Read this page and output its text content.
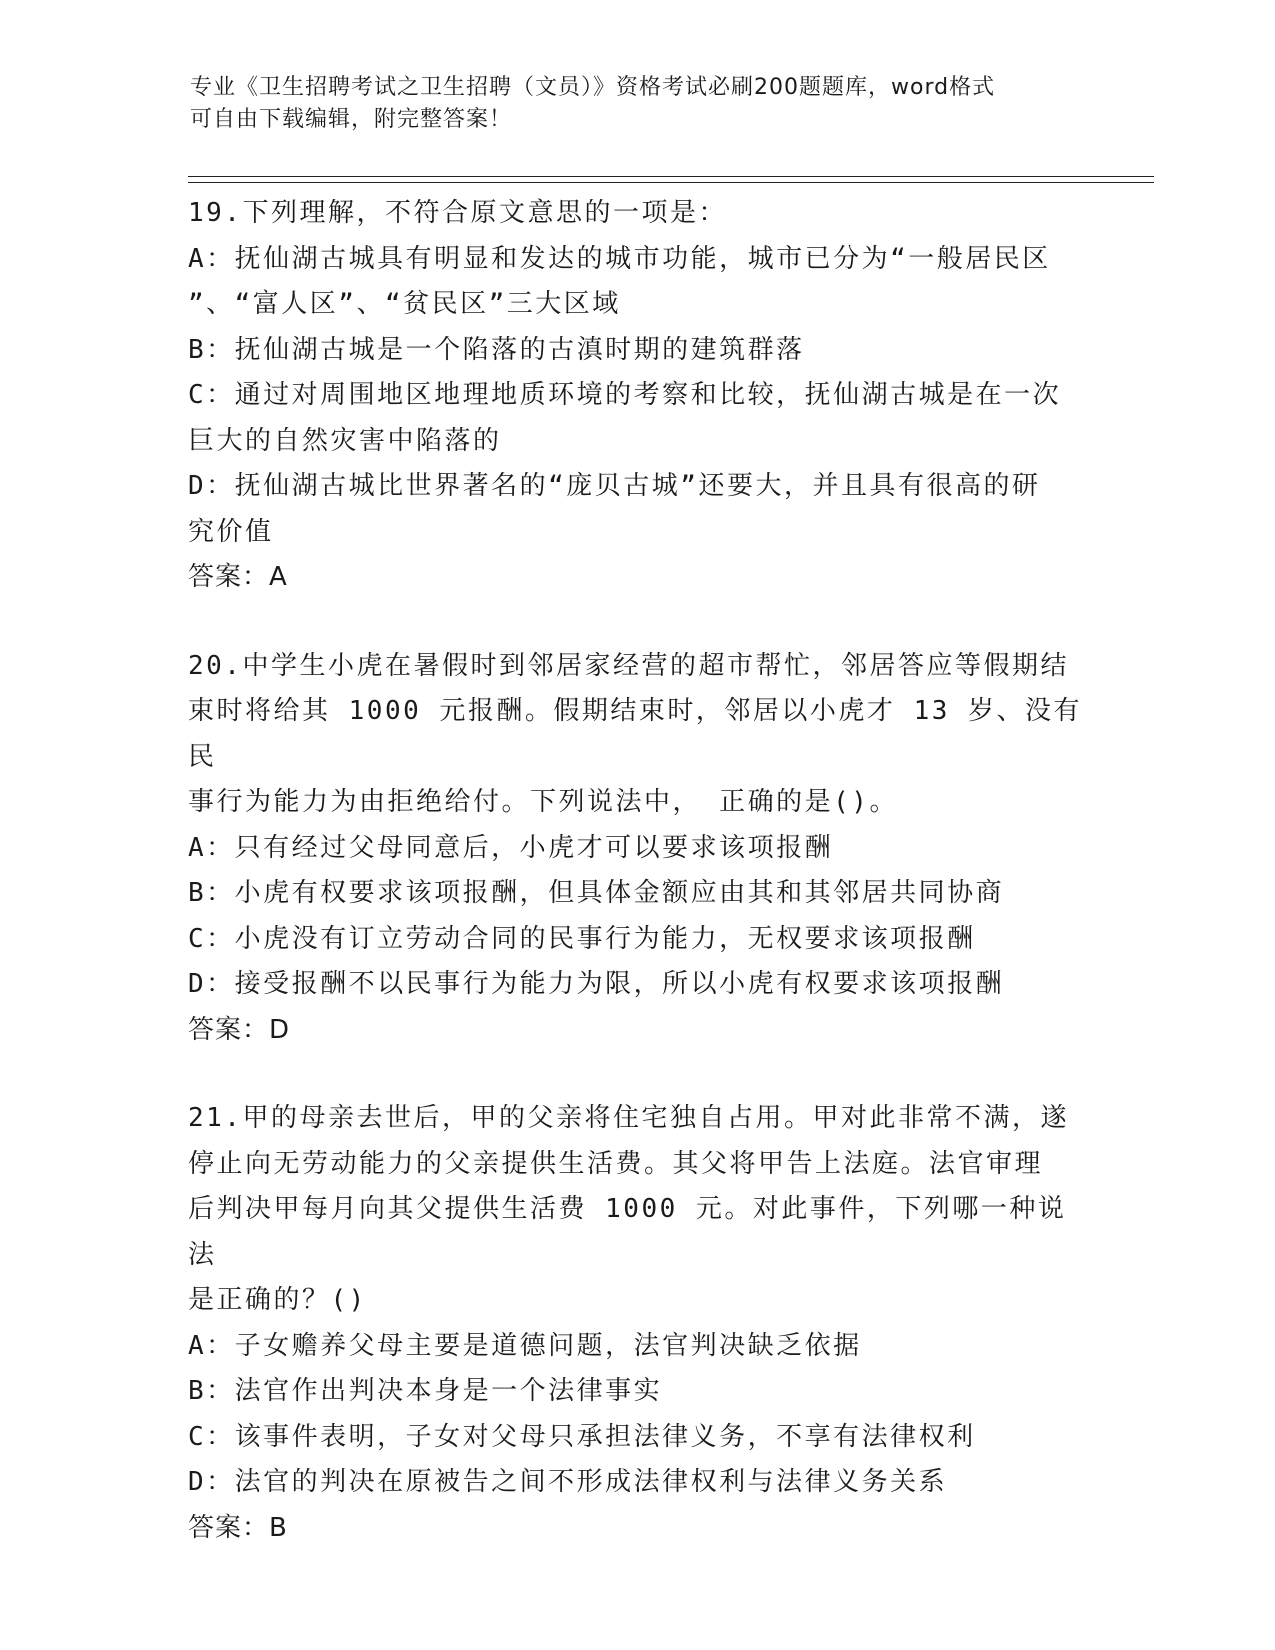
专业《卫生招聘考试之卫生招聘（文员）》资格考试必刷200题题库，word格式
可自由下载编辑，附完整答案！

19.下列理解，不符合原文意思的一项是：

A：抚仙湖古城具有明显和发达的城市功能，城市已分为“一般居民区

”、“富人区”、“贫民区”三大区域

B：抚仙湖古城是一个陷落的古滇时期的建筑群落

C：通过对周围地区地理地质环境的考察和比较，抚仙湖古城是在一次

巨大的自然灾害中陷落的

D：抚仙湖古城比世界著名的“庞贝古城”还要大，并且具有很高的研

究价值

答案：A

20.中学生小虎在暑假时到邻居家经营的超市帮忙，邻居答应等假期结

束时将给其 1000 元报酬。假期结束时，邻居以小虎才 13 岁、没有民

事行为能力为由拒绝给付。下列说法中， 正确的是()。

A：只有经过父母同意后，小虎才可以要求该项报酬

B：小虎有权要求该项报酬，但具体金额应由其和其邻居共同协商

C：小虎没有订立劳动合同的民事行为能力，无权要求该项报酬

D：接受报酬不以民事行为能力为限，所以小虎有权要求该项报酬

答案：D

21.甲的母亲去世后，甲的父亲将住宅独自占用。甲对此非常不满，遂

停止向无劳动能力的父亲提供生活费。其父将甲告上法庭。法官审理

后判决甲每月向其父提供生活费 1000 元。对此事件，下列哪一种说法

是正确的？()

A：子女赡养父母主要是道德问题，法官判决缺乏依据

B：法官作出判决本身是一个法律事实

C：该事件表明，子女对父母只承担法律义务，不享有法律权利

D：法官的判决在原被告之间不形成法律权利与法律义务关系

答案：B
